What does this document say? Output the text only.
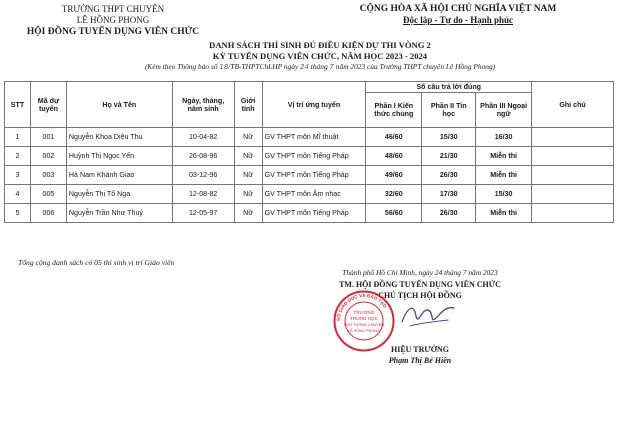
TRƯỜNG THPT CHUYÊN
LÊ HỒNG PHONG
HỘI ĐỒNG TUYỂN DỤNG VIÊN CHỨC
CỘNG HÒA XÃ HỘI CHỦ NGHĨA VIỆT NAM
Độc lập - Tự do - Hạnh phúc
DANH SÁCH THÍ SINH ĐỦ ĐIỀU KIỆN DỰ THI VÒNG 2
KỲ TUYỂN DỤNG VIÊN CHỨC, NĂM HỌC 2023 - 2024
(Kèm theo Thông báo số 18/TB-THPTChLHP ngày 24 tháng 7 năm 2023 của Trường THPT chuyên Lê Hồng Phong)
STT	Mã dự tuyển	Họ và Tên	Ngày, tháng, năm sinh	Giới tính	Vị trí ứng tuyển	Số câu trả lời đúng			Ghi chú
						Phần I Kiến thức chung	Phần II Tin học	Phần III Ngoại ngữ	
1	001	Nguyễn Khoa Diệu Thu	10-04-82	Nữ	GV THPT môn Mĩ thuật	46/60	15/30	16/30	
2	002	Huỳnh Thị Ngọc Yến	26-08-96	Nữ	GV THPT môn Tiếng Pháp	48/60	21/30	Miễn thi	
3	003	Hà Nam Khánh Giao	03-12-96	Nữ	GV THPT môn Tiếng Pháp	49/60	26/30	Miễn thi	
4	005	Nguyễn Thị Tố Nga	12-08-82	Nữ	GV THPT môn Âm nhạc	32/60	17/30	15/30	
5	006	Nguyễn Trần Như Thuý	12-05-97	Nữ	GV THPT môn Tiếng Pháp	56/60	26/30	Miễn thi	
Tổng cộng danh sách có 05 thí sinh vị trí Giáo viên
Thành phố Hồ Chí Minh, ngày 24 tháng 7 năm 2023
TM. HỘI ĐỒNG TUYỂN DỤNG VIÊN CHỨC
CHỦ TỊCH HỘI ĐỒNG
SỞ GIÁO DỤC VÀ ĐÀO TẠO
TRƯỜNG
TRUNG HỌC
PHỔ THÔNG CHUYÊN
LÊ HỒNG PHONG
HIỆU TRƯỞNG
Phạm Thị Bé Hiền
